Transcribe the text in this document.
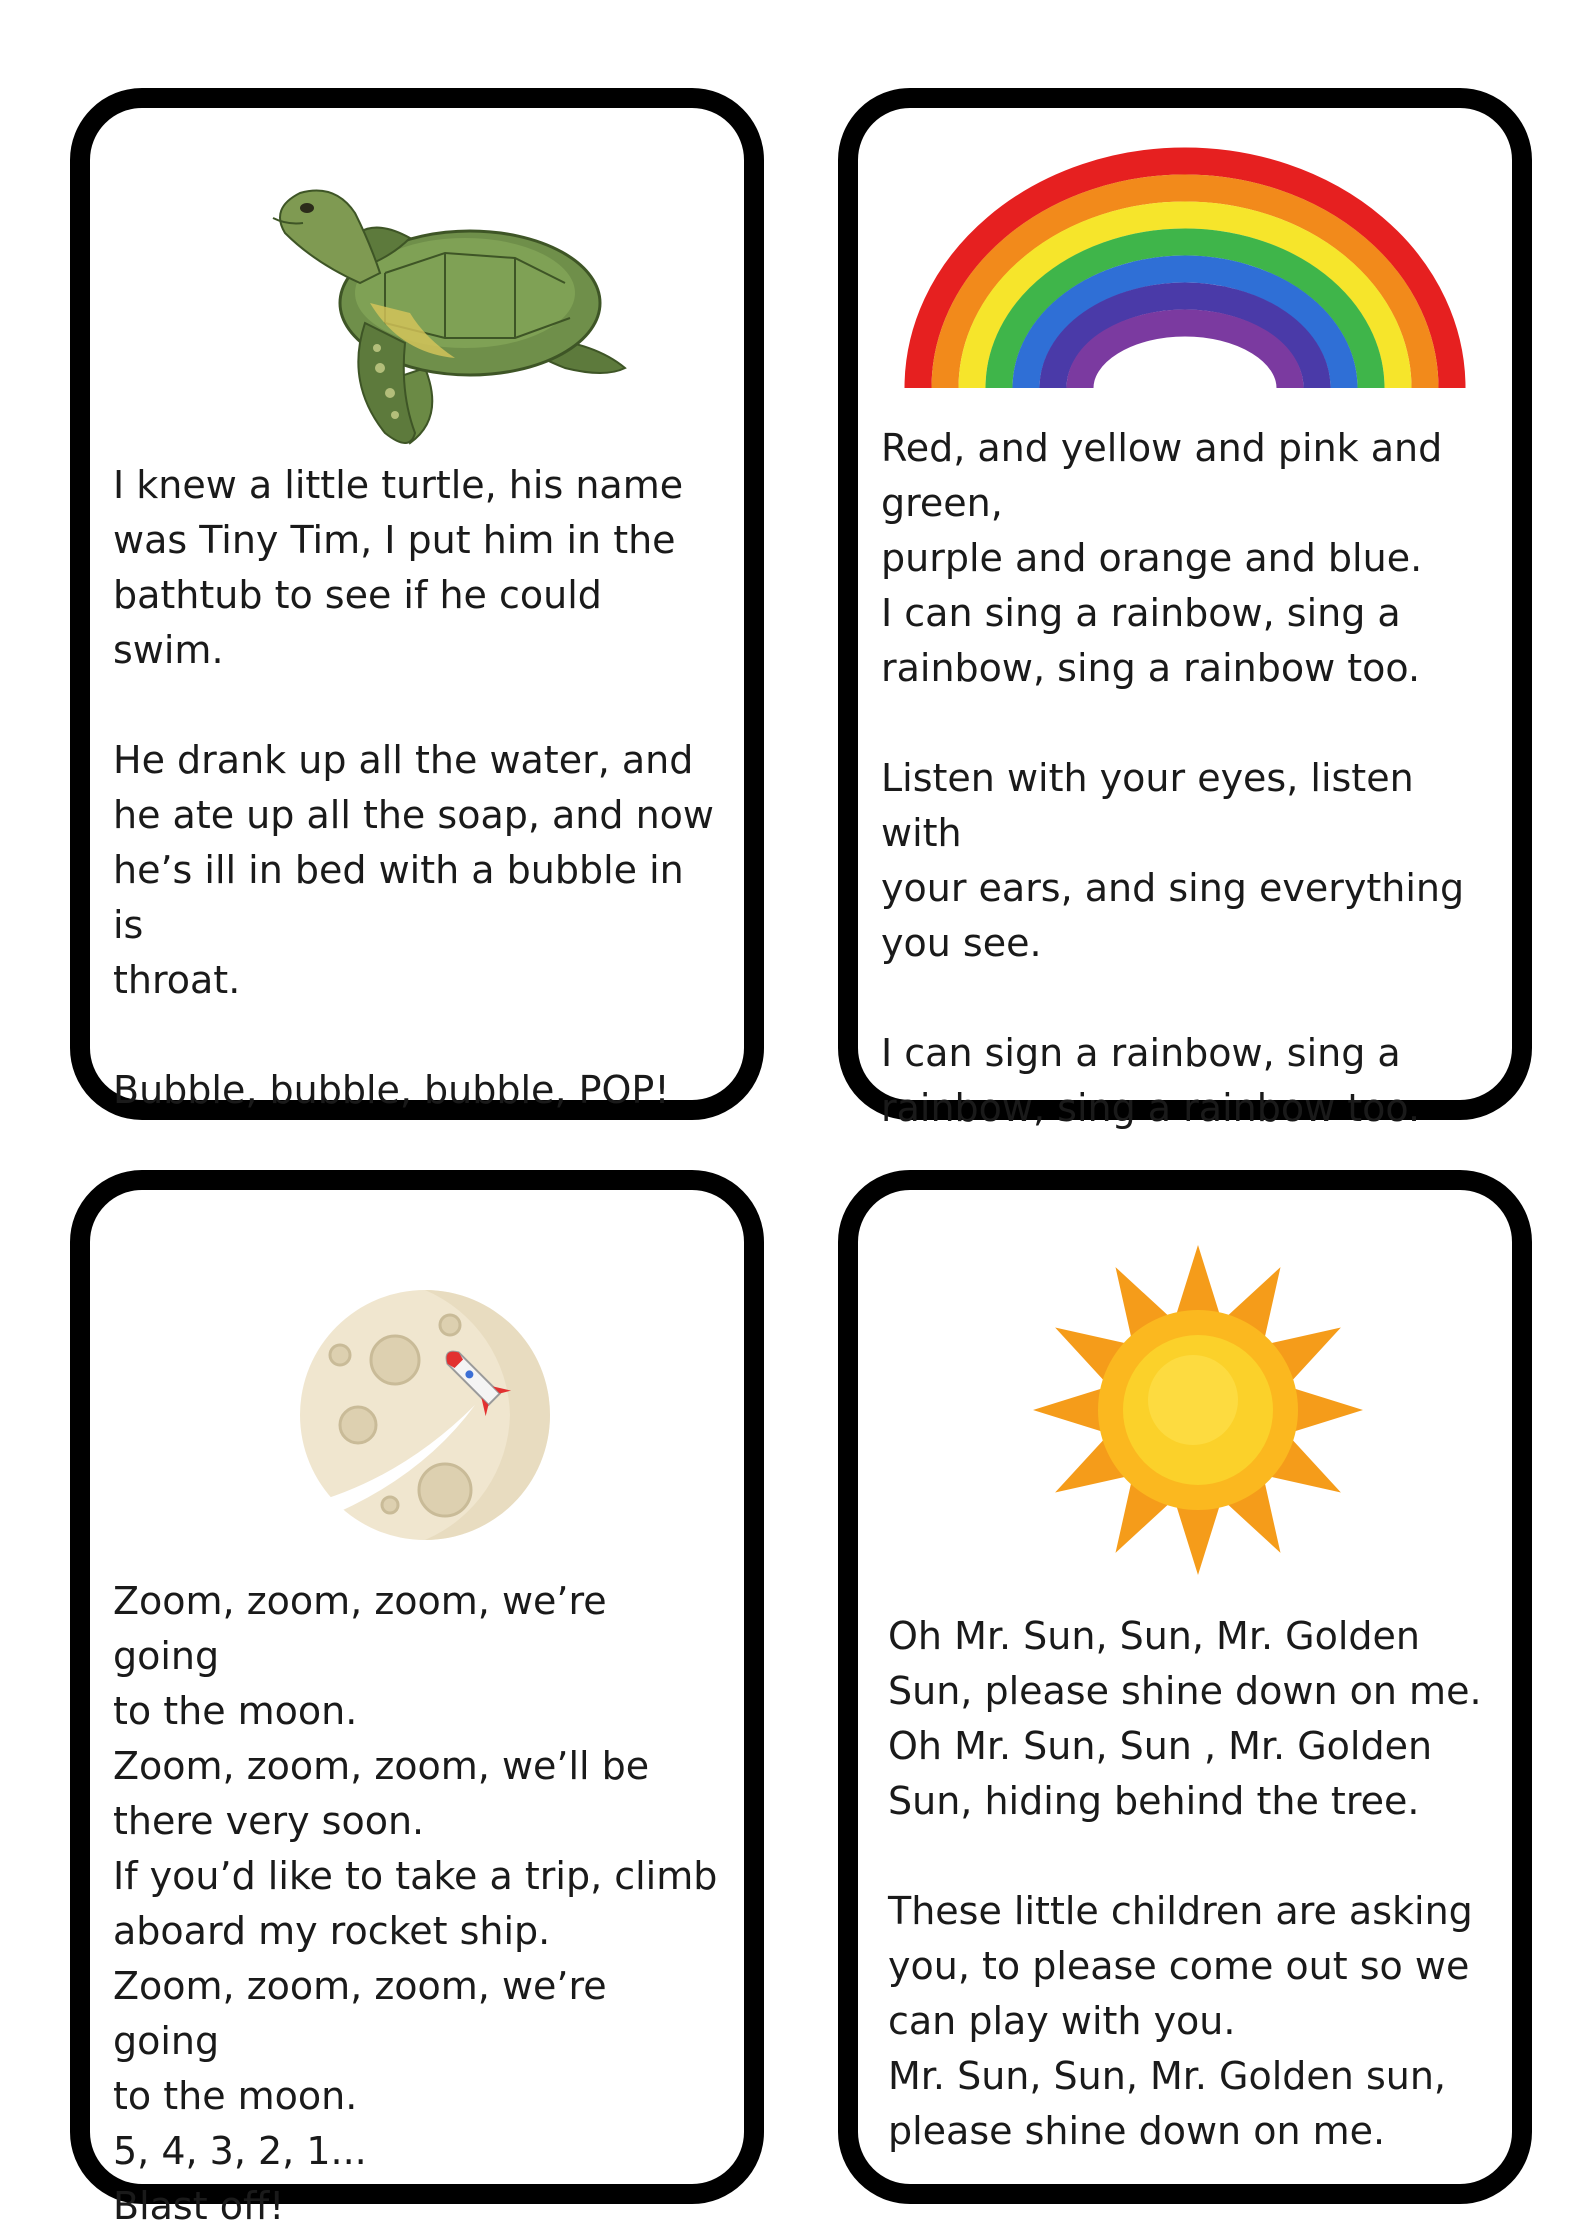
I knew a little turtle, his name
was Tiny Tim, I put him in the
bathtub to see if he could swim.

He drank up all the water, and
he ate up all the soap, and now
he’s ill in bed with a bubble in is
throat.

Bubble, bubble, bubble, POP!

Red, and yellow and pink and
green,
purple and orange and blue.
I can sing a rainbow, sing a
rainbow, sing a rainbow too.

Listen with your eyes, listen with
your ears, and sing everything
you see.

I can sign a rainbow, sing a
rainbow, sing a rainbow too.

Zoom, zoom, zoom, we’re going
to the moon.
Zoom, zoom, zoom, we’ll be
there very soon.
If you’d like to take a trip, climb
aboard my rocket ship.
Zoom, zoom, zoom, we’re going
to the moon.
5, 4, 3, 2, 1...
Blast off!

Oh Mr. Sun, Sun, Mr. Golden
Sun, please shine down on me.
Oh Mr. Sun, Sun , Mr. Golden
Sun, hiding behind the tree.

These little children are asking
you, to please come out so we
can play with you.
Mr. Sun, Sun, Mr. Golden sun,
please shine down on me.
